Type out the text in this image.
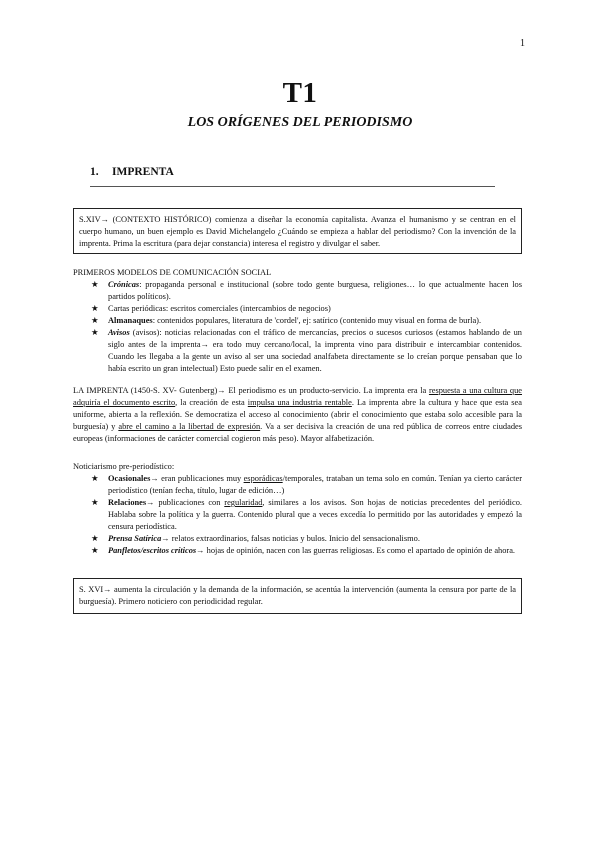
1
T1
LOS ORÍGENES DEL PERIODISMO
1. IMPRENTA
S.XIV→ (CONTEXTO HISTÓRICO) comienza a diseñar la economía capitalista. Avanza el humanismo y se centran en el cuerpo humano, un buen ejemplo es David Michelangelo ¿Cuándo se empieza a hablar del periodismo? Con la invención de la imprenta. Prima la escritura (para dejar constancia) interesa el registro y divulgar el saber.

PRIMEROS MODELOS DE COMUNICACIÓN SOCIAL

★ Crónicas: propaganda personal e institucional (sobre todo gente burguesa, religiones… lo que actualmente hacen los partidos políticos).
★ Cartas periódicas: escritos comerciales (intercambios de negocios)
★ Almanaques: contenidos populares, literatura de 'cordel', ej: satírico (contenido muy visual en forma de burla).
★ Avisos (avisos): noticias relacionadas con el tráfico de mercancías, precios o sucesos curiosos (estamos hablando de un siglo antes de la imprenta→ era todo muy cercano/local, la imprenta vino para distribuir e intercambiar contenidos. Cuando les llegaba a la gente un aviso al ser una sociedad analfabeta directamente se lo creían porque pensaban que lo había escrito un gran intelectual) Esto puede salir en el examen.

LA IMPRENTA (1450-S. XV- Gutenberg)→ El periodismo es un producto-servicio. La imprenta era la respuesta a una cultura que adquiría el documento escrito, la creación de esta impulsa una industria rentable. La imprenta abre la cultura y hace que esta sea uniforme, abierta a la reflexión. Se democratiza el acceso al conocimiento (abrir el conocimiento que estaba solo accesible para la burguesía) y abre el camino a la libertad de expresión. Va a ser decisiva la creación de una red pública de correos entre ciudades europeas (informaciones de carácter comercial cogieron más peso). Mayor alfabetización.

Noticiarismo pre-periodístico:

★ Ocasionales→ eran publicaciones muy esporádicas/temporales, trataban un tema solo en común. Tenían ya cierto carácter periodístico (tenían fecha, título, lugar de edición…)
★ Relaciones→ publicaciones con regularidad, similares a los avisos. Son hojas de noticias precedentes del periódico. Hablaba sobre la política y la guerra. Contenido plural que a veces excedía lo permitido por las autoridades y empezó la censura periodística.
★ Prensa Satírica→ relatos extraordinarios, falsas noticias y bulos. Inicio del sensacionalismo.
★ Panfletos/escritos críticos→ hojas de opinión, nacen con las guerras religiosas. Es como el apartado de opinión de ahora.
S. XVI→ aumenta la circulación y la demanda de la información, se acentúa la intervención (aumenta la censura por parte de la burguesía). Primero noticiero con periodicidad regular.
